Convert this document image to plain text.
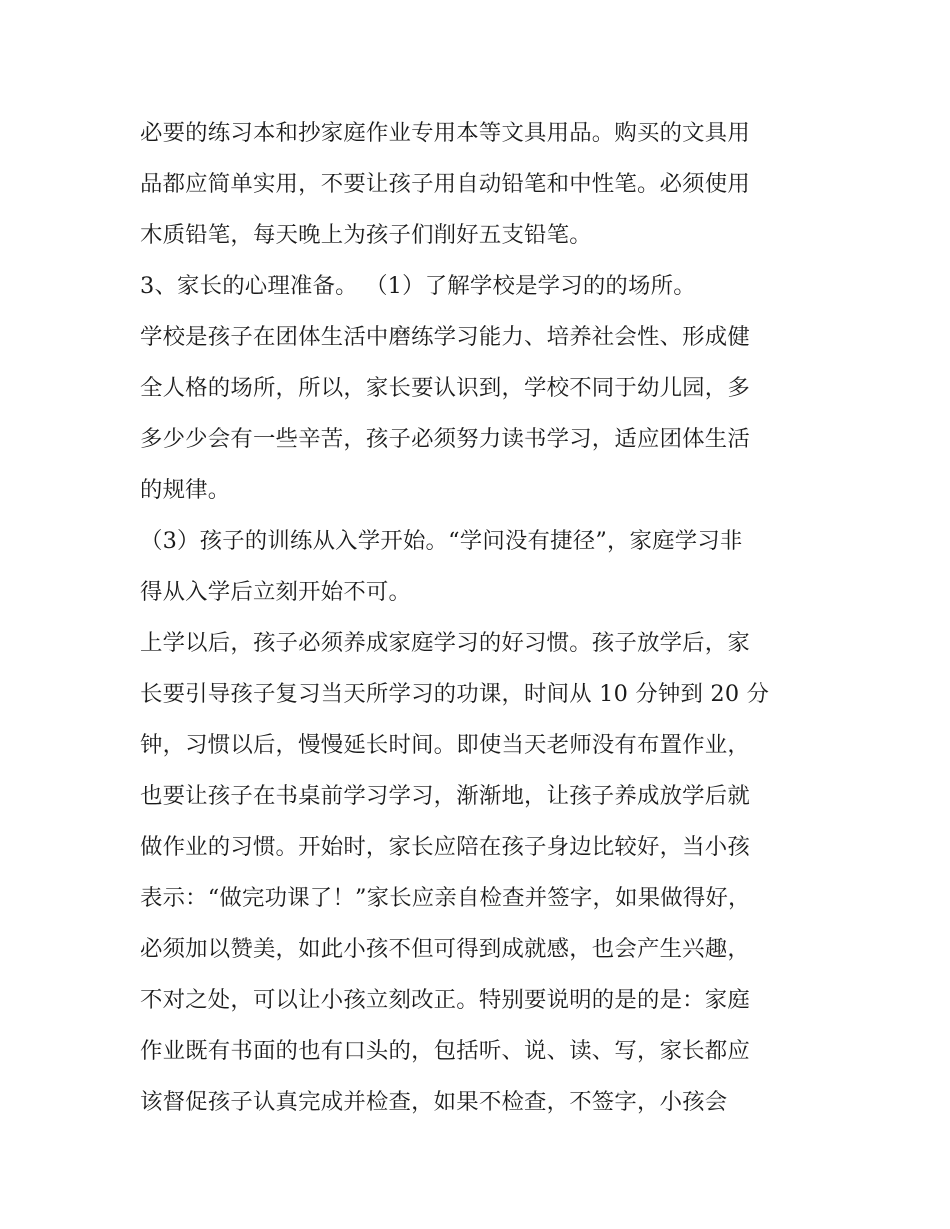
必要的练习本和抄家庭作业专用本等文具用品。购买的文具用
品都应简单实用，不要让孩子用自动铅笔和中性笔。必须使用
木质铅笔，每天晚上为孩子们削好五支铅笔。
3、家长的心理准备。 （1）了解学校是学习的的场所。
学校是孩子在团体生活中磨练学习能力、培养社会性、形成健
全人格的场所，所以，家长要认识到，学校不同于幼儿园，多
多少少会有一些辛苦，孩子必须努力读书学习，适应团体生活
的规律。
（3）孩子的训练从入学开始。“学问没有捷径”，家庭学习非
得从入学后立刻开始不可。
上学以后，孩子必须养成家庭学习的好习惯。孩子放学后，家
长要引导孩子复习当天所学习的功课，时间从 10 分钟到 20 分
钟，习惯以后，慢慢延长时间。即使当天老师没有布置作业，
也要让孩子在书桌前学习学习，渐渐地，让孩子养成放学后就
做作业的习惯。开始时，家长应陪在孩子身边比较好，当小孩
表示：“做完功课了！”家长应亲自检查并签字，如果做得好，
必须加以赞美，如此小孩不但可得到成就感，也会产生兴趣，
不对之处，可以让小孩立刻改正。特别要说明的是的是：家庭
作业既有书面的也有口头的，包括听、说、读、写，家长都应
该督促孩子认真完成并检查，如果不检查，不签字，小孩会
